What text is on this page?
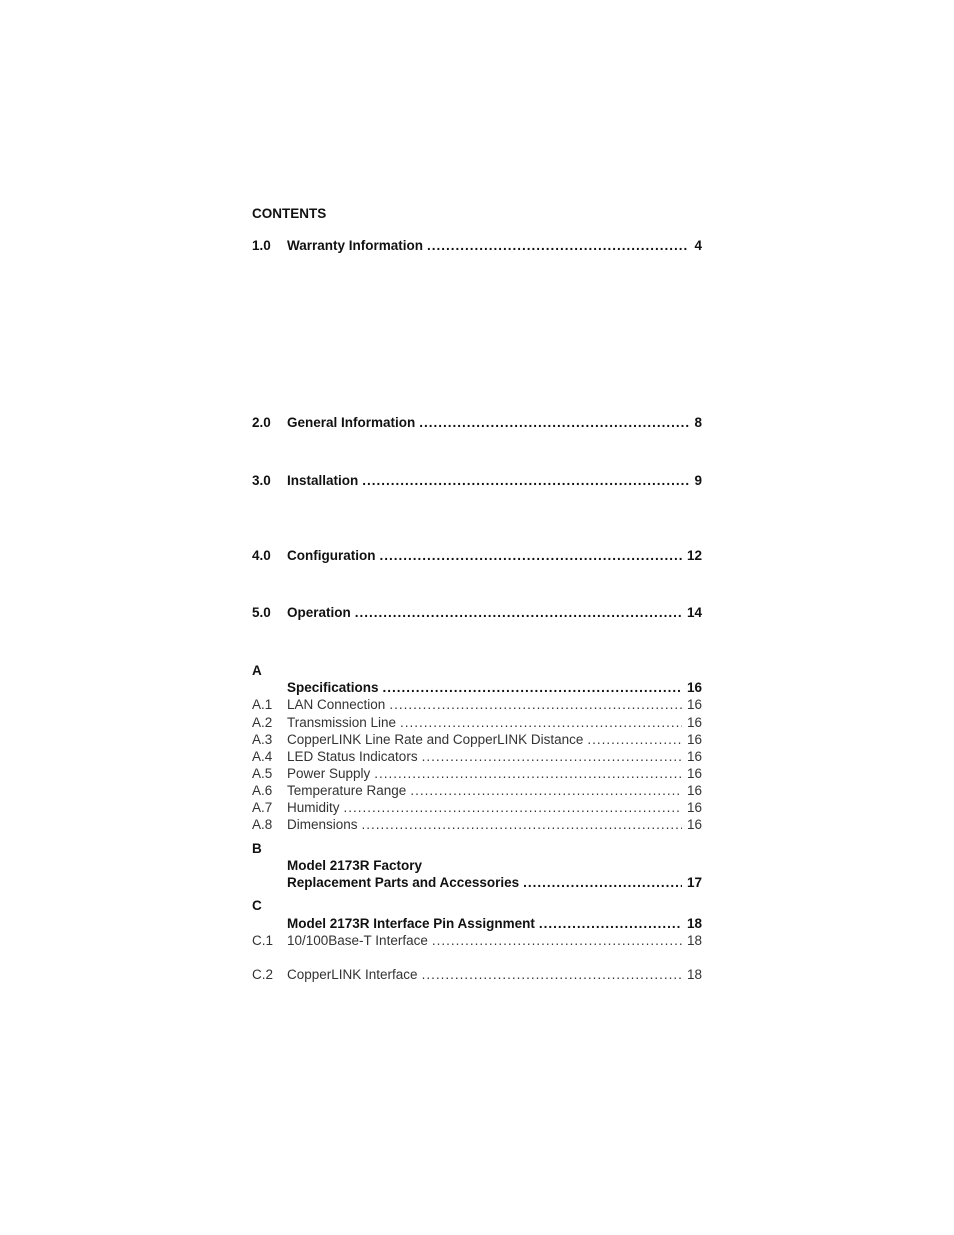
CONTENTS
1.0 Warranty Information .....	4
2.0 General Information .....	8
3.0 Installation .....	9
4.0 Configuration .....	12
5.0 Operation .....	14
A
Specifications .....	16
A.1 LAN Connection .....	16
A.2 Transmission Line .....	16
A.3 CopperLINK Line Rate and CopperLINK Distance .....	16
A.4 LED Status Indicators .....	16
A.5 Power Supply .....	16
A.6 Temperature Range .....	16
A.7 Humidity .....	16
A.8 Dimensions .....	16
B
Model 2173R Factory
Replacement Parts and Accessories .....	17
C
Model 2173R Interface Pin Assignment .....	18
C.1 10/100Base-T Interface .....	18
C.2 CopperLINK Interface .....	18
